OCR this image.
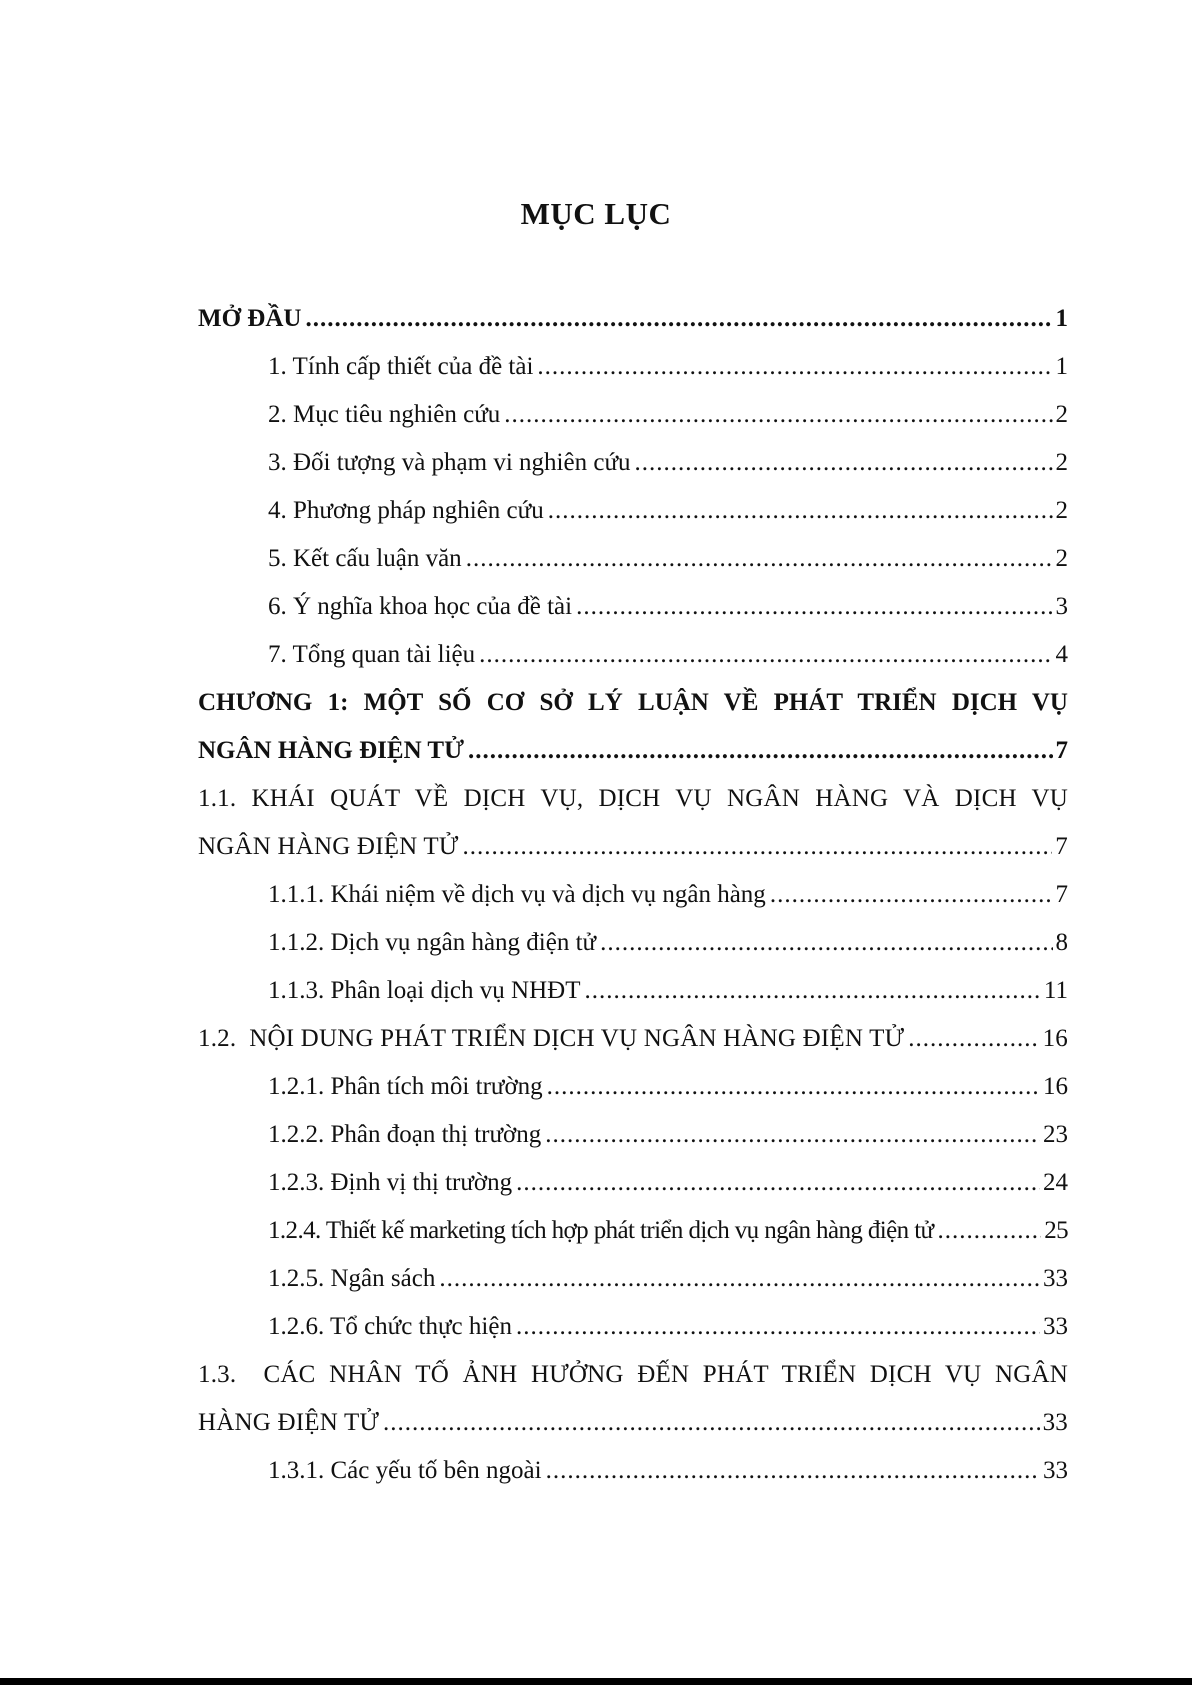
MỤC LỤC
MỞ ĐẦU .....	1
1. Tính cấp thiết của đề tài .....	1
2. Mục tiêu nghiên cứu .....	2
3. Đối tượng và phạm vi nghiên cứu .....	2
4. Phương pháp nghiên cứu .....	2
5. Kết cấu luận văn .....	2
6. Ý nghĩa khoa học của đề tài .....	3
7. Tổng quan tài liệu .....	4
CHƯƠNG 1: MỘT SỐ CƠ SỞ LÝ LUẬN VỀ PHÁT TRIỂN DỊCH VỤ
NGÂN HÀNG ĐIỆN TỬ .....	7
1.1. KHÁI QUÁT VỀ DỊCH VỤ, DỊCH VỤ NGÂN HÀNG VÀ DỊCH VỤ
NGÂN HÀNG ĐIỆN TỬ .....	7
1.1.1. Khái niệm về dịch vụ và dịch vụ ngân hàng .....	7
1.1.2. Dịch vụ ngân hàng điện tử .....	8
1.1.3. Phân loại dịch vụ NHĐT .....	11
1.2.  NỘI DUNG PHÁT TRIỂN DỊCH VỤ NGÂN HÀNG ĐIỆN TỬ .....	16
1.2.1. Phân tích môi trường .....	16
1.2.2. Phân đoạn thị trường .....	23
1.2.3. Định vị thị trường .....	24
1.2.4. Thiết kế marketing tích hợp phát triển dịch vụ ngân hàng điện tử .....	25
1.2.5. Ngân sách .....	33
1.2.6. Tổ chức thực hiện .....	33
1.3.  CÁC NHÂN TỐ ẢNH HƯỞNG ĐẾN PHÁT TRIỂN DỊCH VỤ NGÂN
HÀNG ĐIỆN TỬ .....	33
1.3.1. Các yếu tố bên ngoài .....	33
